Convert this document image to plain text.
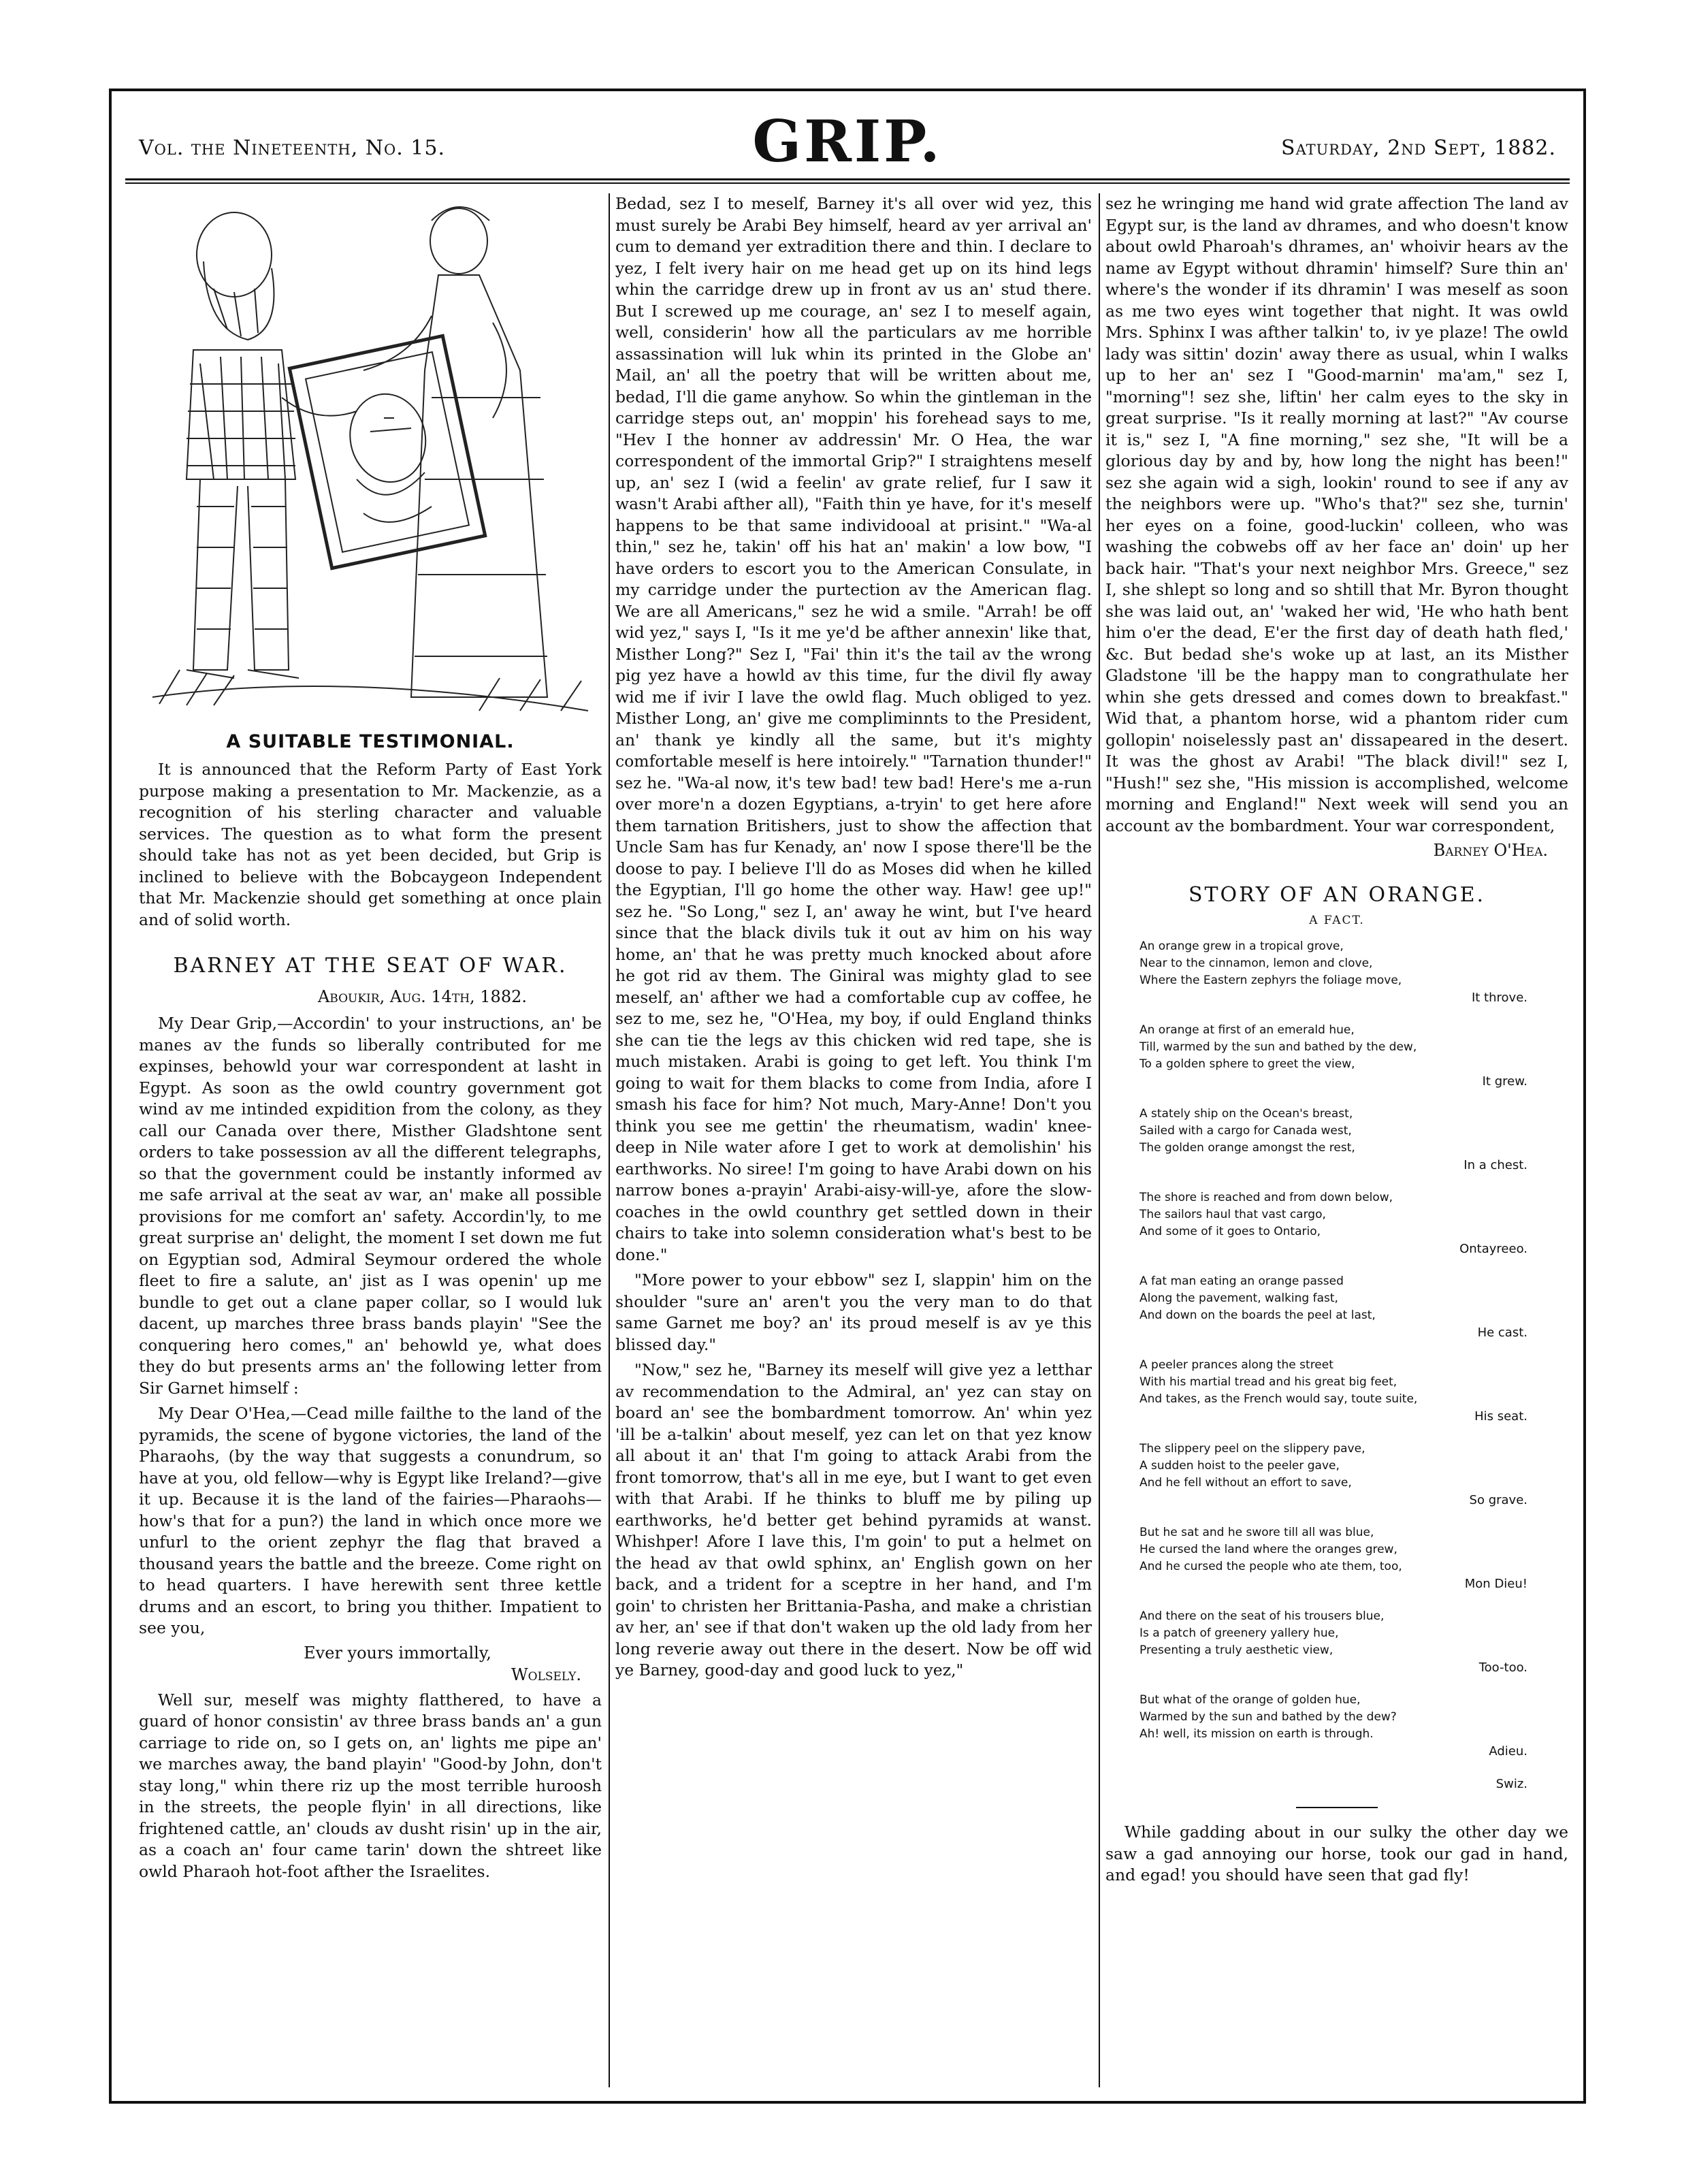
Vol. the Nineteenth, No. 15.	GRIP.	Saturday, 2nd Sept, 1882.
A SUITABLE TESTIMONIAL.

It is announced that the Reform Party of East York purpose making a presentation to Mr. Mackenzie, as a recognition of his sterling character and valuable services. The question as to what form the present should take has not as yet been decided, but Grip is inclined to believe with the Bobcaygeon Independent that Mr. Mackenzie should get something at once plain and of solid worth.

BARNEY AT THE SEAT OF WAR.
Aboukir, Aug. 14th, 1882.

My Dear Grip,—Accordin' to your instructions, an' be manes av the funds so liberally contributed for me expinses, behowld your war correspondent at lasht in Egypt. As soon as the owld country government got wind av me intinded expidition from the colony, as they call our Canada over there, Misther Gladshtone sent orders to take possession av all the different telegraphs, so that the government could be instantly informed av me safe arrival at the seat av war, an' make all possible provisions for me comfort an' safety. Accordin'ly, to me great surprise an' delight, the moment I set down me fut on Egyptian sod, Admiral Seymour ordered the whole fleet to fire a salute, an' jist as I was openin' up me bundle to get out a clane paper collar, so I would luk dacent, up marches three brass bands playin' "See the conquering hero comes," an' behowld ye, what does they do but presents arms an' the following letter from Sir Garnet himself :

My Dear O'Hea,—Cead mille failthe to the land of the pyramids, the scene of bygone victories, the land of the Pharaohs, (by the way that suggests a conundrum, so have at you, old fellow—why is Egypt like Ireland?—give it up. Because it is the land of the fairies—Pharaohs—how's that for a pun?) the land in which once more we unfurl to the orient zephyr the flag that braved a thousand years the battle and the breeze. Come right on to head quarters. I have herewith sent three kettle drums and an escort, to bring you thither. Impatient to see you,

Ever yours immortally,
Wolsely.

Well sur, meself was mighty flatthered, to have a guard of honor consistin' av three brass bands an' a gun carriage to ride on, so I gets on, an' lights me pipe an' we marches away, the band playin' "Good-by John, don't stay long," whin there riz up the most terrible huroosh in the streets, the people flyin' in all directions, like frightened cattle, an' clouds av dusht risin' up in the air, as a coach an' four came tarin' down the shtreet like owld Pharaoh hot-foot afther the Israelites.

Bedad, sez I to meself, Barney it's all over wid yez, this must surely be Arabi Bey himself, heard av yer arrival an' cum to demand yer extradition there and thin. I declare to yez, I felt ivery hair on me head get up on its hind legs whin the carridge drew up in front av us an' stud there. But I screwed up me courage, an' sez I to meself again, well, considerin' how all the particulars av me horrible assassination will luk whin its printed in the Globe an' Mail, an' all the poetry that will be written about me, bedad, I'll die game anyhow. So whin the gintleman in the carridge steps out, an' moppin' his forehead says to me, "Hev I the honner av addressin' Mr. O Hea, the war correspondent of the immortal Grip?" I straightens meself up, an' sez I (wid a feelin' av grate relief, fur I saw it wasn't Arabi afther all), "Faith thin ye have, for it's meself happens to be that same individooal at prisint." "Wa-al thin," sez he, takin' off his hat an' makin' a low bow, "I have orders to escort you to the American Consulate, in my carridge under the purtection av the American flag. We are all Americans," sez he wid a smile. "Arrah! be off wid yez," says I, "Is it me ye'd be afther annexin' like that, Misther Long?" Sez I, "Fai' thin it's the tail av the wrong pig yez have a howld av this time, fur the divil fly away wid me if ivir I lave the owld flag. Much obliged to yez. Misther Long, an' give me compliminnts to the President, an' thank ye kindly all the same, but it's mighty comfortable meself is here intoirely." "Tarnation thunder!" sez he. "Wa-al now, it's tew bad! tew bad! Here's me a-run over more'n a dozen Egyptians, a-tryin' to get here afore them tarnation Britishers, just to show the affection that Uncle Sam has fur Kenady, an' now I spose there'll be the doose to pay. I believe I'll do as Moses did when he killed the Egyptian, I'll go home the other way. Haw! gee up!" sez he. "So Long," sez I, an' away he wint, but I've heard since that the black divils tuk it out av him on his way home, an' that he was pretty much knocked about afore he got rid av them. The Giniral was mighty glad to see meself, an' afther we had a comfortable cup av coffee, he sez to me, sez he, "O'Hea, my boy, if ould England thinks she can tie the legs av this chicken wid red tape, she is much mistaken. Arabi is going to get left. You think I'm going to wait for them blacks to come from India, afore I smash his face for him? Not much, Mary-Anne! Don't you think you see me gettin' the rheumatism, wadin' knee-deep in Nile water afore I get to work at demolishin' his earthworks. No siree! I'm going to have Arabi down on his narrow bones a-prayin' Arabi-aisy-will-ye, afore the slow-coaches in the owld counthry get settled down in their chairs to take into solemn consideration what's best to be done."

"More power to your ebbow" sez I, slappin' him on the shoulder "sure an' aren't you the very man to do that same Garnet me boy? an' its proud meself is av ye this blissed day."

"Now," sez he, "Barney its meself will give yez a letthar av recommendation to the Admiral, an' yez can stay on board an' see the bombardment tomorrow. An' whin yez 'ill be a-talkin' about meself, yez can let on that yez know all about it an' that I'm going to attack Arabi from the front tomorrow, that's all in me eye, but I want to get even with that Arabi. If he thinks to bluff me by piling up earthworks, he'd better get behind pyramids at wanst. Whishper! Afore I lave this, I'm goin' to put a helmet on the head av that owld sphinx, an' English gown on her back, and a trident for a sceptre in her hand, and I'm goin' to christen her Brittania-Pasha, and make a christian av her, an' see if that don't waken up the old lady from her long reverie away out there in the desert. Now be off wid ye Barney, good-day and good luck to yez,"

sez he wringing me hand wid grate affection The land av Egypt sur, is the land av dhrames, and who doesn't know about owld Pharoah's dhrames, an' whoivir hears av the name av Egypt without dhramin' himself? Sure thin an' where's the wonder if its dhramin' I was meself as soon as me two eyes wint together that night. It was owld Mrs. Sphinx I was afther talkin' to, iv ye plaze! The owld lady was sittin' dozin' away there as usual, whin I walks up to her an' sez I "Good-marnin' ma'am," sez I, "morning"! sez she, liftin' her calm eyes to the sky in great surprise. "Is it really morning at last?" "Av course it is," sez I, "A fine morning," sez she, "It will be a glorious day by and by, how long the night has been!" sez she again wid a sigh, lookin' round to see if any av the neighbors were up. "Who's that?" sez she, turnin' her eyes on a foine, good-luckin' colleen, who was washing the cobwebs off av her face an' doin' up her back hair. "That's your next neighbor Mrs. Greece," sez I, she shlept so long and so shtill that Mr. Byron thought she was laid out, an' 'waked her wid, 'He who hath bent him o'er the dead, E'er the first day of death hath fled,' &c. But bedad she's woke up at last, an its Misther Gladstone 'ill be the happy man to congrathulate her whin she gets dressed and comes down to breakfast." Wid that, a phantom horse, wid a phantom rider cum gollopin' noiselessly past an' dissapeared in the desert. It was the ghost av Arabi! "The black divil!" sez I, "Hush!" sez she, "His mission is accomplished, welcome morning and England!" Next week will send you an account av the bombardment. Your war correspondent,

Barney O'Hea.
STORY OF AN ORANGE.
A FACT.
An orange grew in a tropical grove,
Near to the cinnamon, lemon and clove,
Where the Eastern zephyrs the foliage move,
It throve.
An orange at first of an emerald hue,
Till, warmed by the sun and bathed by the dew,
To a golden sphere to greet the view,
It grew.
A stately ship on the Ocean's breast,
Sailed with a cargo for Canada west,
The golden orange amongst the rest,
In a chest.
The shore is reached and from down below,
The sailors haul that vast cargo,
And some of it goes to Ontario,
Ontayreeo.
A fat man eating an orange passed
Along the pavement, walking fast,
And down on the boards the peel at last,
He cast.
A peeler prances along the street
With his martial tread and his great big feet,
And takes, as the French would say, toute suite,
His seat.
The slippery peel on the slippery pave,
A sudden hoist to the peeler gave,
And he fell without an effort to save,
So grave.
But he sat and he swore till all was blue,
He cursed the land where the oranges grew,
And he cursed the people who ate them, too,
Mon Dieu!
And there on the seat of his trousers blue,
Is a patch of greenery yallery hue,
Presenting a truly aesthetic view,
Too-too.
But what of the orange of golden hue,
Warmed by the sun and bathed by the dew?
Ah! well, its mission on earth is through.
Adieu.
Swiz.

While gadding about in our sulky the other day we saw a gad annoying our horse, took our gad in hand, and egad! you should have seen that gad fly!
